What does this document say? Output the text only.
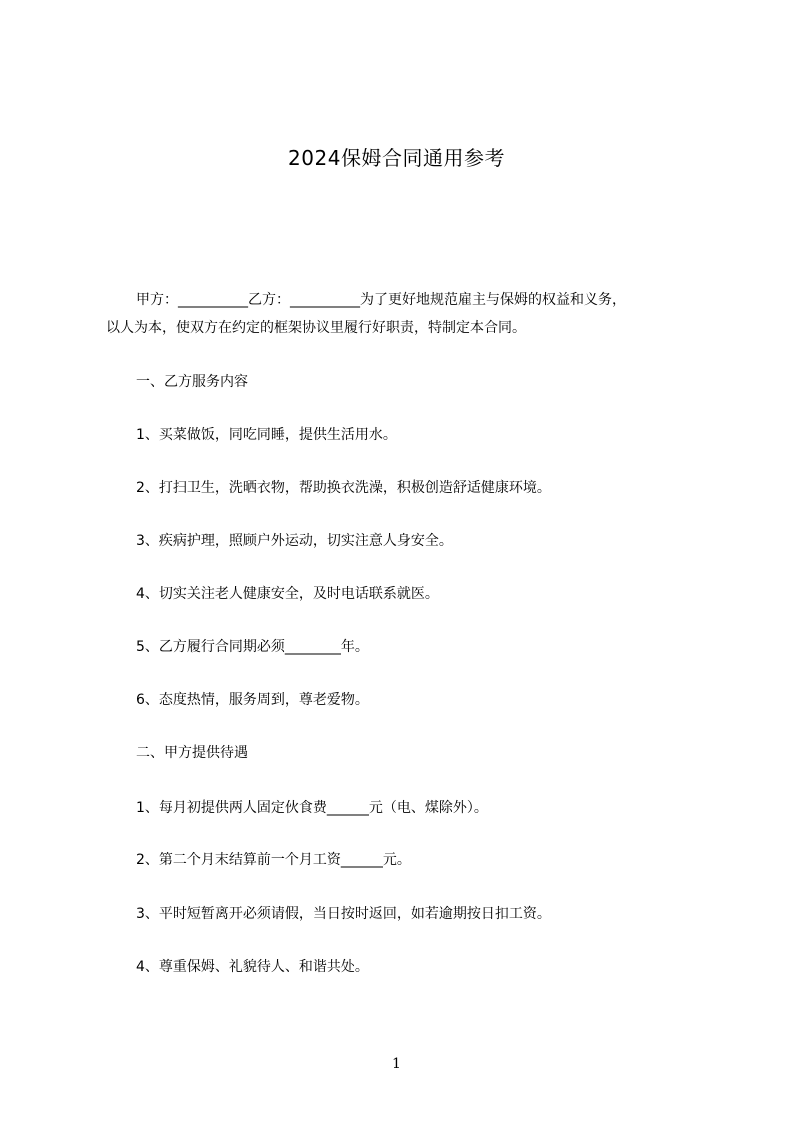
2024保姆合同通用参考

甲方：__________乙方：__________为了更好地规范雇主与保姆的权益和义务，

以人为本，使双方在约定的框架协议里履行好职责，特制定本合同。

一、乙方服务内容

1、买菜做饭，同吃同睡，提供生活用水。

2、打扫卫生，洗晒衣物，帮助换衣洗澡，积极创造舒适健康环境。

3、疾病护理，照顾户外运动，切实注意人身安全。

4、切实关注老人健康安全，及时电话联系就医。

5、乙方履行合同期必须________年。

6、态度热情，服务周到，尊老爱物。

二、甲方提供待遇

1、每月初提供两人固定伙食费______元（电、煤除外）。

2、第二个月末结算前一个月工资______元。

3、平时短暂离开必须请假，当日按时返回，如若逾期按日扣工资。

4、尊重保姆、礼貌待人、和谐共处。

1
